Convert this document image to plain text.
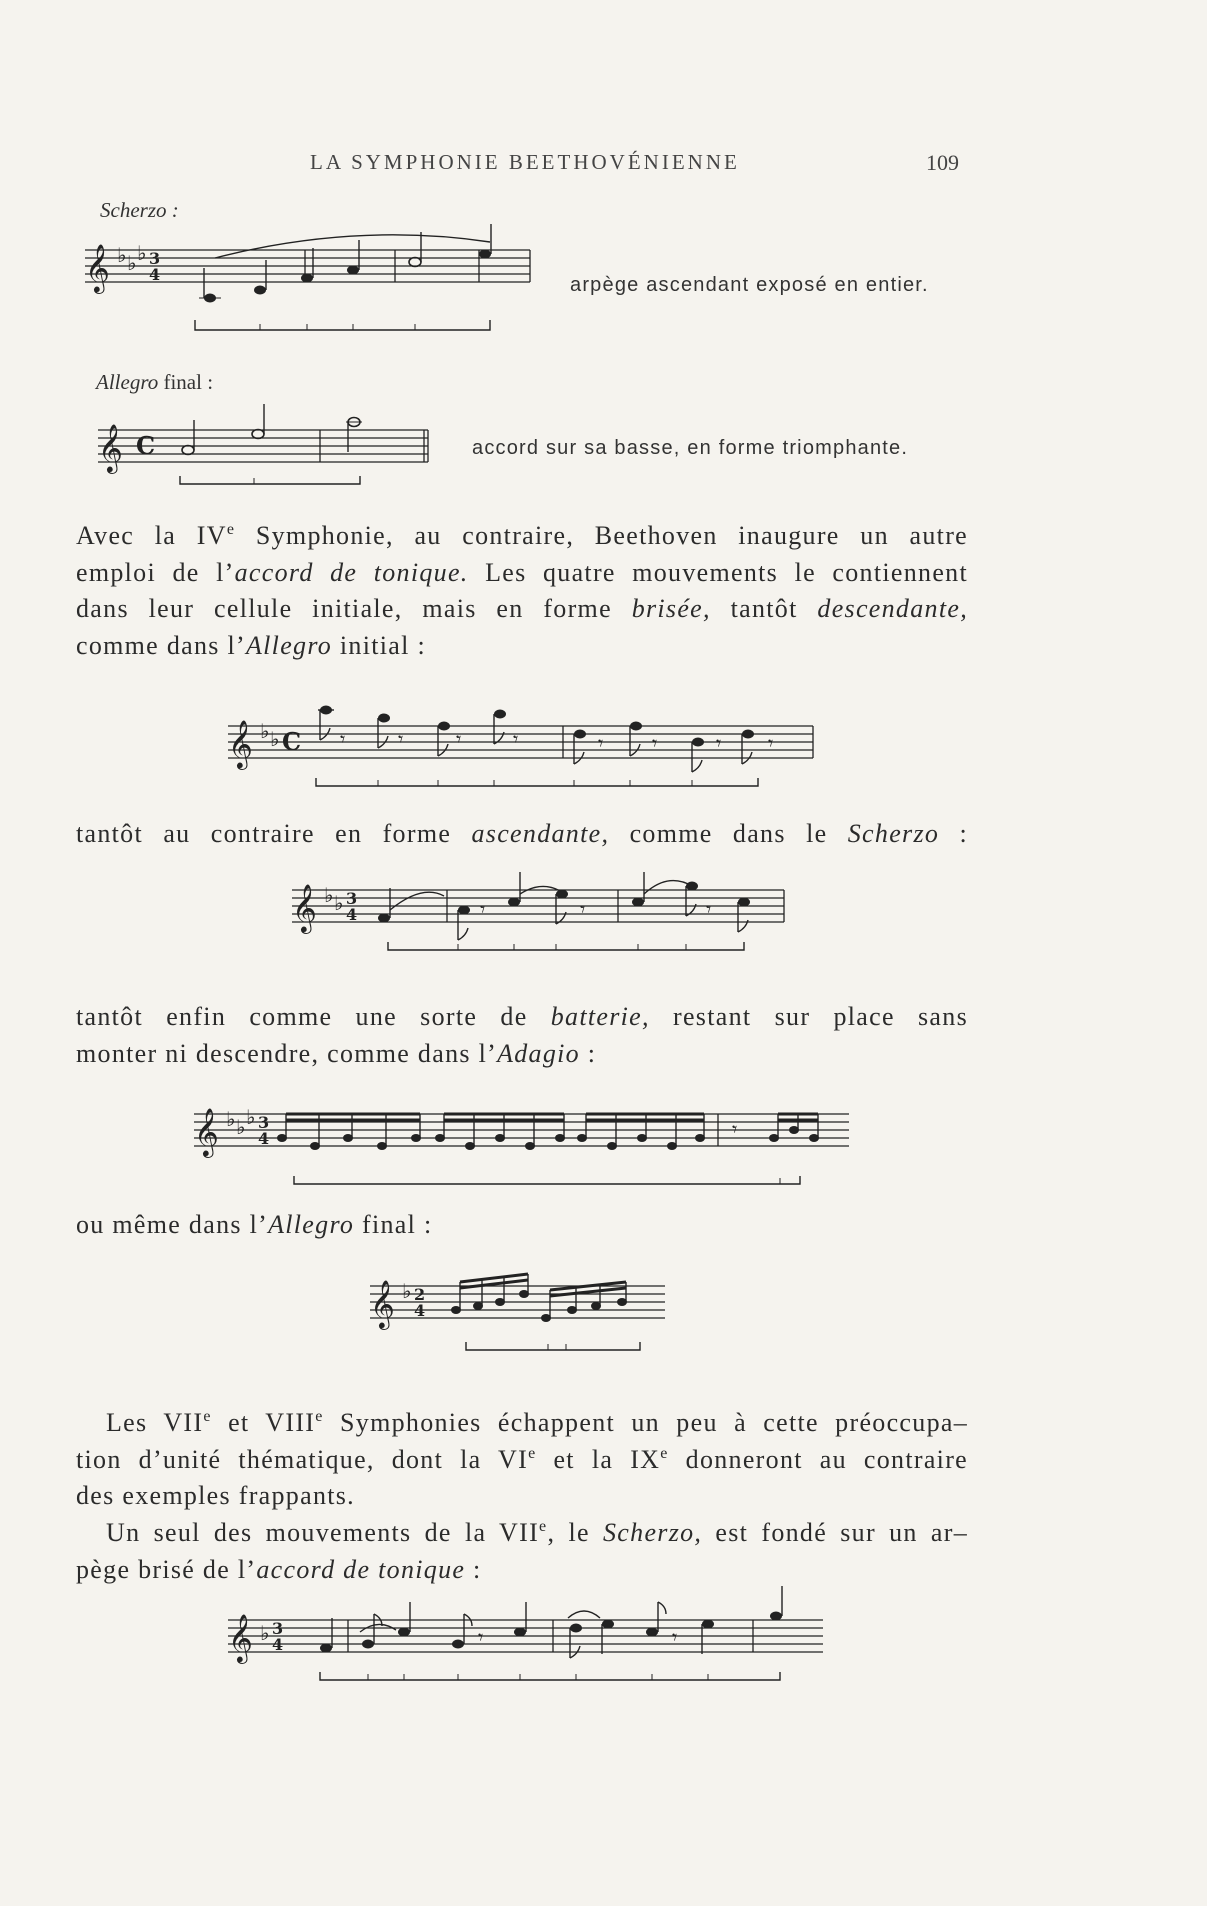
LA SYMPHONIE BEETHOVÉNIENNE	109
Scherzo :
𝄞 ♭ ♭ ♭ 3
4	arpège ascendant exposé en entier.
Allegro final :
𝄞 C	accord sur sa basse, en forme triomphante.
Avec la IVe Symphonie, au contraire, Beethoven inaugure un autre
emploi de l’accord de tonique. Les quatre mouvements le contiennent
dans leur cellule initiale, mais en forme brisée, tantôt descendante,
comme dans l’Allegro initial :
𝄞 ♭ ♭ C 𝄾	𝄾	𝄾	𝄾	𝄾 𝄾	𝄾 𝄾
tantôt au contraire en forme ascendante, comme dans le Scherzo :
𝄞 ♭ ♭ 3
4	𝄾	𝄾	𝄾
tantôt enfin comme une sorte de batterie, restant sur place sans
monter ni descendre, comme dans l’Adagio :
𝄞 ♭ ♭ ♭ 3
4	𝄾
ou même dans l’Allegro final :
𝄞 ♭ 2
4
Les VIIe et VIIIe Symphonies échappent un peu à cette préoccupa–
tion d’unité thématique, dont la VIe et la IXe donneront au contraire
des exemples frappants.
Un seul des mouvements de la VIIe, le Scherzo, est fondé sur un ar–
pège brisé de l’accord de tonique :
𝄞 ♭ 3
4	𝄾	𝄾
